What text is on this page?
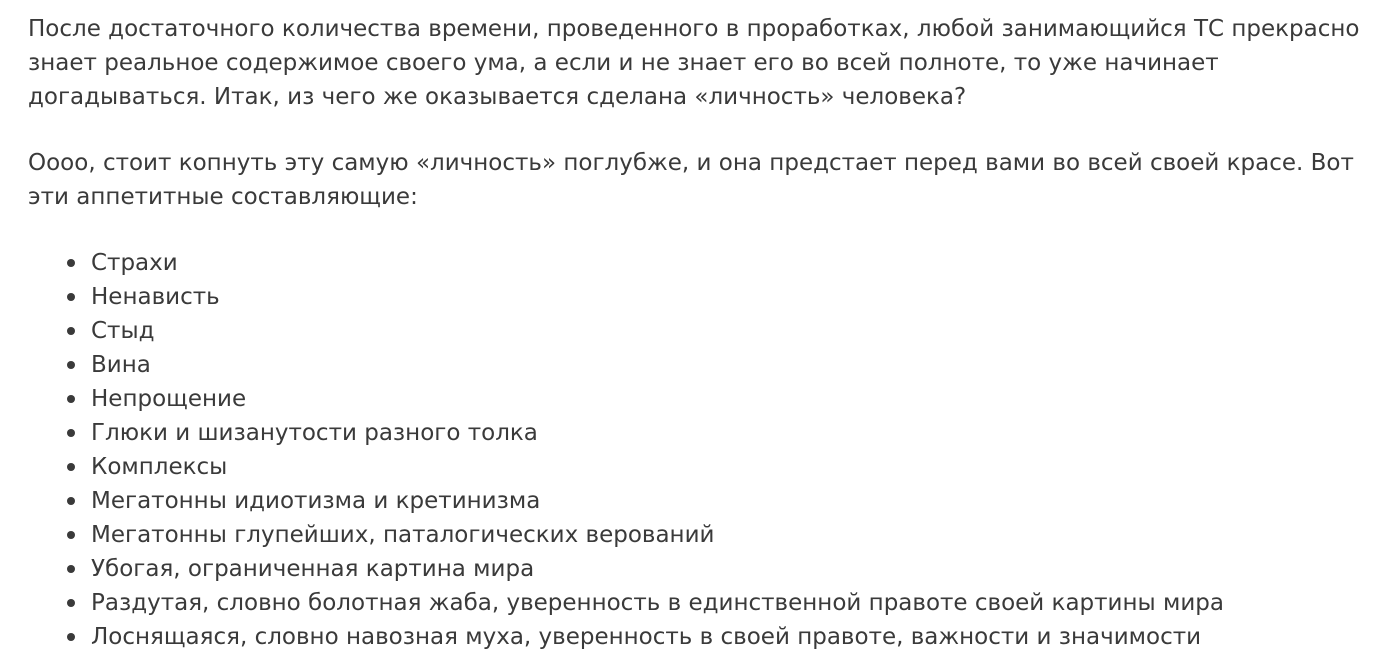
После достаточного количества времени, проведенного в проработках, любой занимающийся ТС прекрасно знает реальное содержимое своего ума, а если и не знает его во всей полноте, то уже начинает догадываться. Итак, из чего же оказывается сделана «личность» человека?

Оооо, стоит копнуть эту самую «личность» поглубже, и она предстает перед вами во всей своей красе. Вот эти аппетитные составляющие:

Страхи
Ненависть
Стыд
Вина
Непрощение
Глюки и шизанутости разного толка
Комплексы
Мегатонны идиотизма и кретинизма
Мегатонны глупейших, паталогических верований
Убогая, ограниченная картина мира
Раздутая, словно болотная жаба, уверенность в единственной правоте своей картины мира
Лоснящаяся, словно навозная муха, уверенность в своей правоте, важности и значимости
